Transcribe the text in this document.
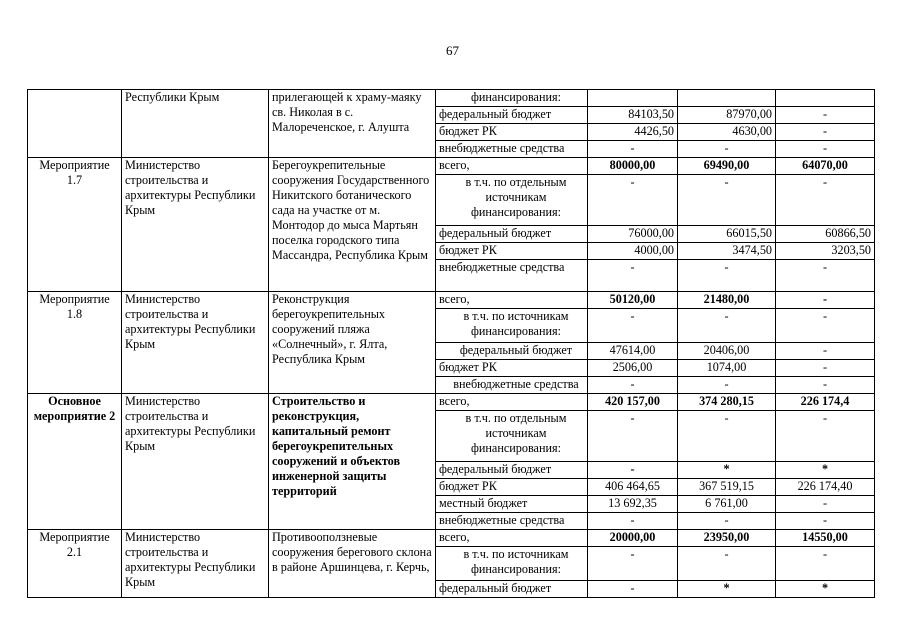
67
	Республики Крым	прилегающей к храму-маяку св. Николая в с. Малореченское, г. Алушта	финансирования:			
			федеральный бюджет	84103,50	87970,00	-
			бюджет РК	4426,50	4630,00	-
			внебюджетные средства	-	-	-
Мероприятие 1.7	Министерство строительства и архитектуры Республики Крым	Берегоукрепительные сооружения Государственного Никитского ботанического сада на участке от м. Монтодор до мыса Мартьян поселка городского типа Массандра, Республика Крым	всего,	80000,00	69490,00	64070,00
			в т.ч. по отдельным источникам финансирования:	-	-	-
			федеральный бюджет	76000,00	66015,50	60866,50
			бюджет РК	4000,00	3474,50	3203,50
			внебюджетные средства	-	-	-
Мероприятие 1.8	Министерство строительства и архитектуры Республики Крым	Реконструкция берегоукрепительных сооружений пляжа «Солнечный», г. Ялта, Республика Крым	всего,	50120,00	21480,00	-
			в т.ч. по источникам финансирования:	-	-	-
			федеральный бюджет	47614,00	20406,00	-
			бюджет РК	2506,00	1074,00	-
			внебюджетные средства	-	-	-
Основное мероприятие 2	Министерство строительства и архитектуры Республики Крым	Строительство и реконструкция, капитальный ремонт берегоукрепительных сооружений и объектов инженерной защиты территорий	всего,	420 157,00	374 280,15	226 174,4
			в т.ч. по отдельным источникам финансирования:	-	-	-
			федеральный бюджет	-	*	*
			бюджет РК	406 464,65	367 519,15	226 174,40
			местный бюджет	13 692,35	6 761,00	-
			внебюджетные средства	-	-	-
Мероприятие 2.1	Министерство строительства и архитектуры Республики Крым	Противооползневые сооружения берегового склона в районе Аршинцева, г. Керчь,	всего,	20000,00	23950,00	14550,00
			в т.ч. по источникам финансирования:	-	-	-
			федеральный бюджет	-	*	*
